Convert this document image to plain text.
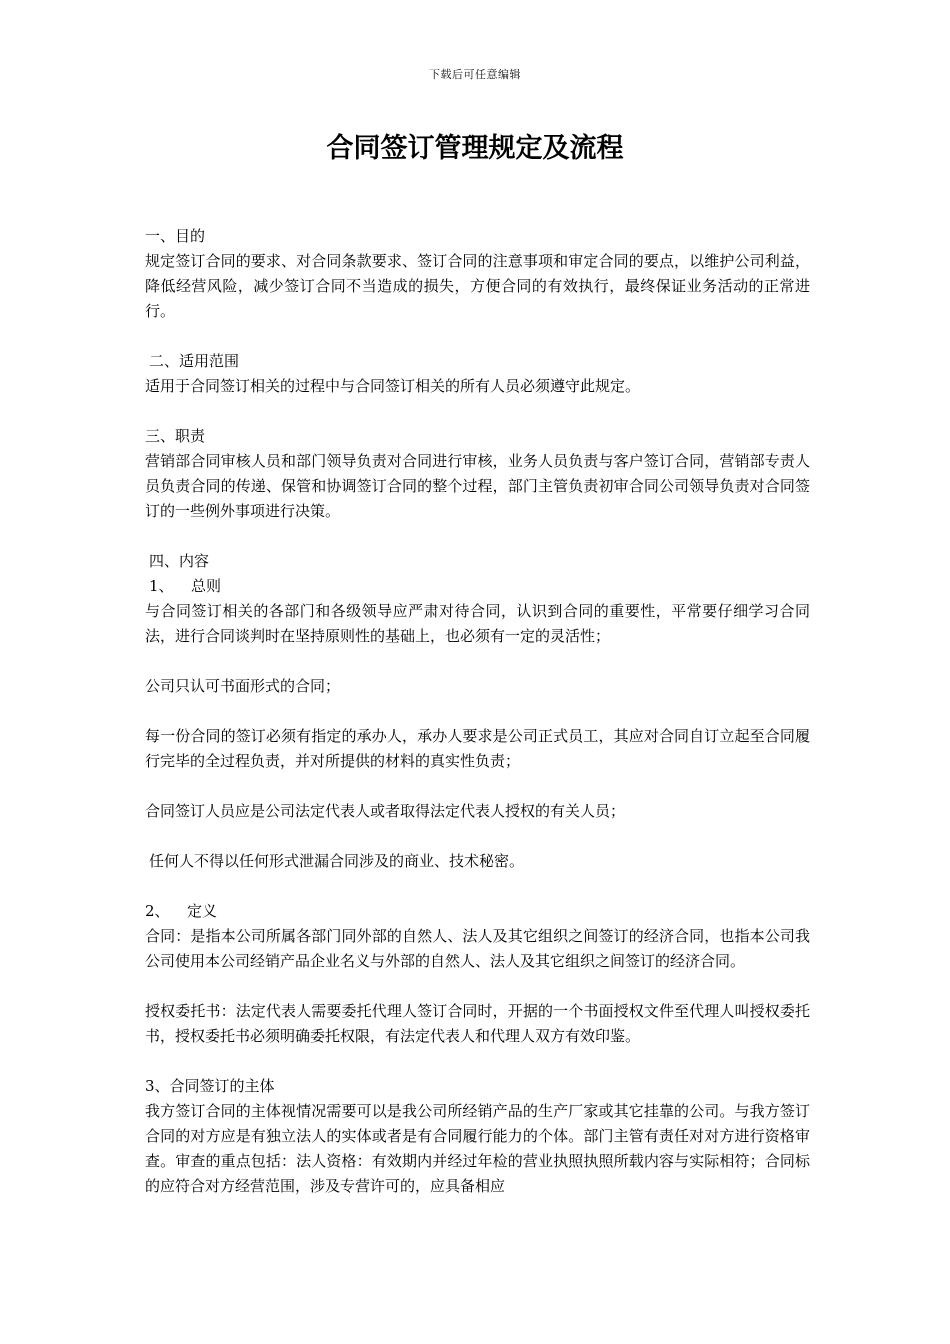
下载后可任意编辑
合同签订管理规定及流程

一、目的

规定签订合同的要求、对合同条款要求、签订合同的注意事项和审定合同的要点，以维护公司利益，降低经营风险，减少签订合同不当造成的损失，方便合同的有效执行，最终保证业务活动的正常进行。

二、适用范围

适用于合同签订相关的过程中与合同签订相关的所有人员必须遵守此规定。

三、职责

营销部合同审核人员和部门领导负责对合同进行审核，业务人员负责与客户签订合同，营销部专责人员负责合同的传递、保管和协调签订合同的整个过程，部门主管负责初审合同公司领导负责对合同签订的一些例外事项进行决策。

四、内容

1、 总则

与合同签订相关的各部门和各级领导应严肃对待合同，认识到合同的重要性，平常要仔细学习合同法，进行合同谈判时在坚持原则性的基础上，也必须有一定的灵活性；

公司只认可书面形式的合同；

每一份合同的签订必须有指定的承办人，承办人要求是公司正式员工，其应对合同自订立起至合同履行完毕的全过程负责，并对所提供的材料的真实性负责；

合同签订人员应是公司法定代表人或者取得法定代表人授权的有关人员；

任何人不得以任何形式泄漏合同涉及的商业、技术秘密。

2、 定义

合同：是指本公司所属各部门同外部的自然人、法人及其它组织之间签订的经济合同，也指本公司我公司使用本公司经销产品企业名义与外部的自然人、法人及其它组织之间签订的经济合同。

授权委托书：法定代表人需要委托代理人签订合同时，开据的一个书面授权文件至代理人叫授权委托书，授权委托书必须明确委托权限，有法定代表人和代理人双方有效印鉴。

3、合同签订的主体

我方签订合同的主体视情况需要可以是我公司所经销产品的生产厂家或其它挂靠的公司。与我方签订合同的对方应是有独立法人的实体或者是有合同履行能力的个体。部门主管有责任对对方进行资格审查。审查的重点包括：法人资格：有效期内并经过年检的营业执照执照所载内容与实际相符；合同标的应符合对方经营范围，涉及专营许可的，应具备相应
